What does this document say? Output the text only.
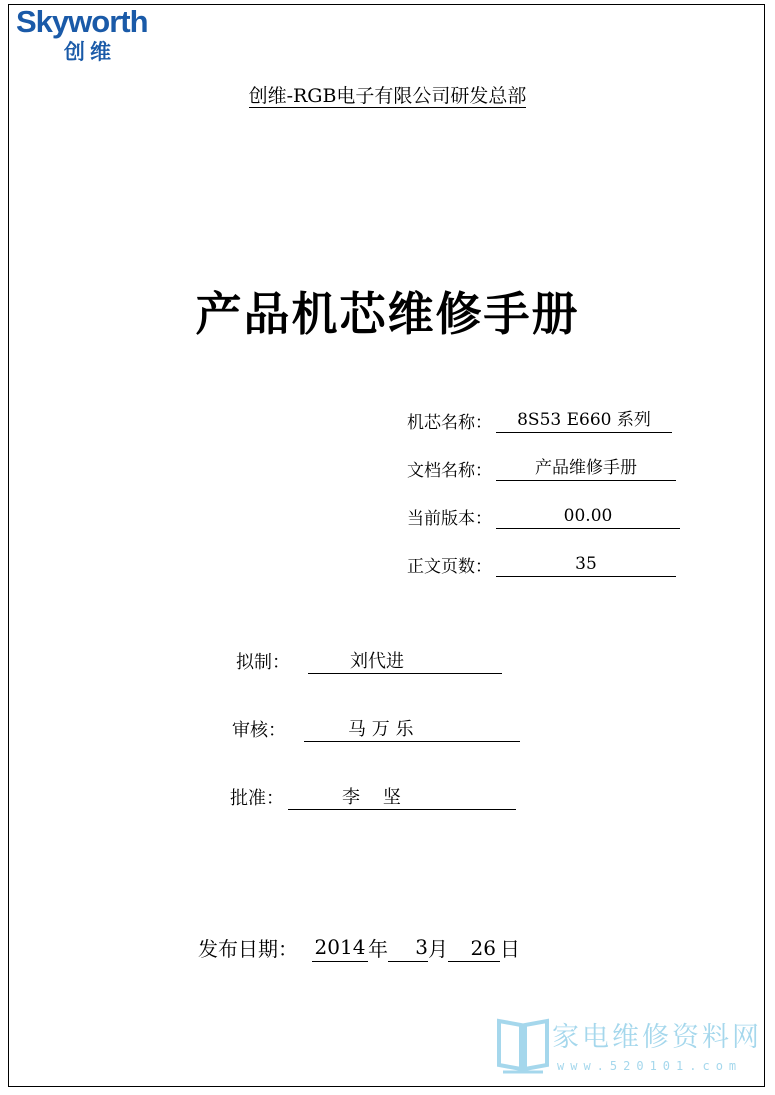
Skyworth
创维
创维-RGB电子有限公司研发总部
产品机芯维修手册
机芯名称：	8S53 E660 系列
文档名称：	产品维修手册
当前版本：	00.00
正文页数：	35
拟制：	刘代进
审核：	马 万 乐
批准：	李    坚
发布日期： 2014 年	3 月	26 日
家电维修资料网
www.520101.com
